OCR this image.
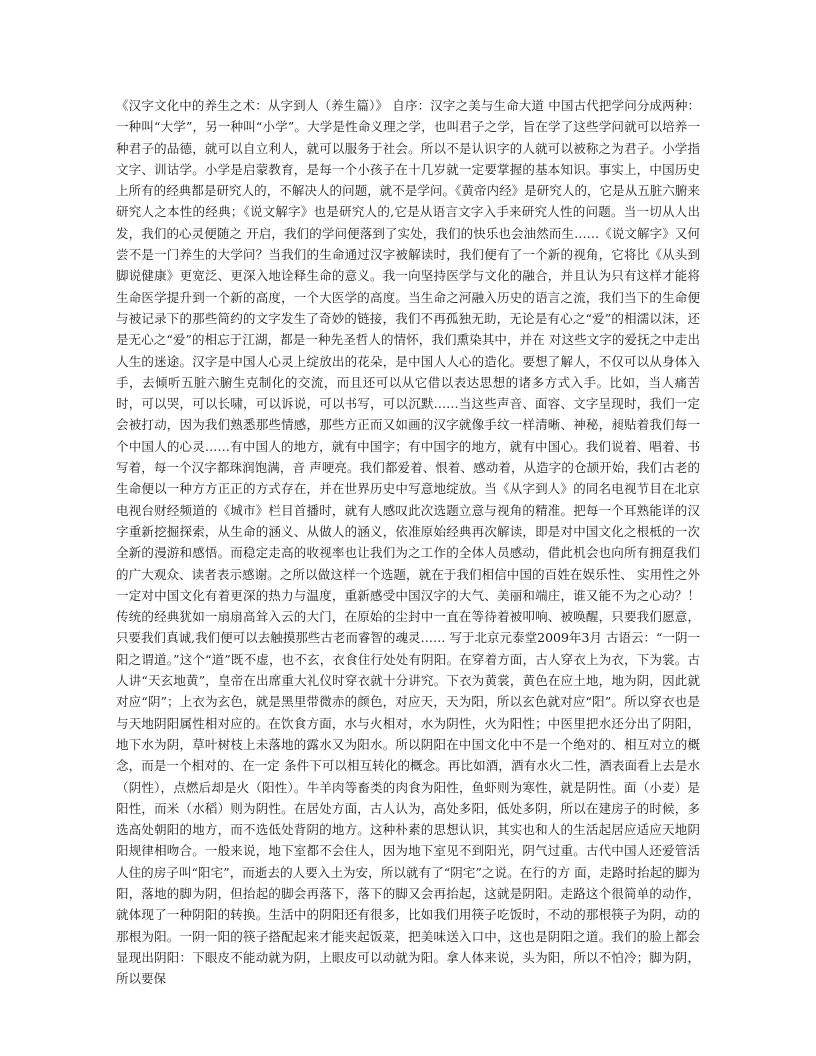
《汉字文化中的养生之术：从字到人（养生篇）》 自序：汉字之美与生命大道 中国古代把学问分成两种：一种叫“大学”，另一种叫“小学”。大学是性命义理之学，也叫君子之学，旨在学了这些学问就可以培养一种君子的品德，就可以自立利人，就可以服务于社会。所以不是认识字的人就可以被称之为君子。小学指文字、训诂学。小学是启蒙教育，是每一个小孩子在十几岁就一定要掌握的基本知识。事实上，中国历史上所有的经典都是研究人的，不解决人的问题，就不是学问。《黄帝内经》是研究人的，它是从五脏六腑来研究人之本性的经典；《说文解字》也是研究人的,它是从语言文字入手来研究人性的问题。当一切从人出发，我们的心灵便随之 开启，我们的学问便落到了实处，我们的快乐也会油然而生……《说文解字》又何尝不是一门养生的大学问？当我们的生命通过汉字被解读时，我们便有了一个新的视角，它将比《从头到脚说健康》更宽泛、更深入地诠释生命的意义。我一向坚持医学与文化的融合，并且认为只有这样才能将生命医学提升到一个新的高度，一个大医学的高度。当生命之河融入历史的语言之流，我们当下的生命便与被记录下的那些简约的文字发生了奇妙的链接，我们不再孤独无助，无论是有心之“爱”的相濡以沫，还是无心之“爱”的相忘于江湖，都是一种先圣哲人的情怀，我们熏染其中，并在 对这些文字的爱抚之中走出人生的迷途。汉字是中国人心灵上绽放出的花朵，是中国人人心的造化。要想了解人，不仅可以从身体入手，去倾听五脏六腑生克制化的交流，而且还可以从它借以表达思想的诸多方式入手。比如，当人痛苦时，可以哭，可以长啸，可以诉说，可以书写，可以沉默……当这些声音、面容、文字呈现时，我们一定会被打动，因为我们熟悉那些情感，那些方正而又如画的汉字就像手纹一样清晰、神秘，昶贴着我们每一个中国人的心灵……有中国人的地方，就有中国字；有中国字的地方，就有中国心。我们说着、唱着、书写着，每一个汉字都珠润饱满，音 声哽亮。我们都爱着、恨着、感动着，从造字的仓颉开始，我们古老的生命便以一种方方正正的方式存在，并在世界历史中写意地绽放。当《从字到人》的同名电视节目在北京电视台财经频道的《城市》栏目首播时，就有人感叹此次选题立意与视角的精准。把每一个耳熟能详的汉字重新挖掘探索，从生命的涵义、从做人的涵义，依准原始经典再次解读，即是对中国文化之根柢的一次全新的漫游和感悟。而稳定走高的收视率也让我们为之工作的全体人员感动，借此机会也向所有拥趸我们的广大观众、读者表示感谢。之所以做这样一个选题，就在于我们相信中国的百姓在娱乐性、 实用性之外一定对中国文化有着更深的热力与温度，重新感受中国汉字的大气、美丽和端庄，谁又能不为之心动？！传统的经典犹如一扇扇高耸入云的大门，在原始的尘封中一直在等待着被叩响、被唤醒，只要我们愿意，只要我们真诚,我们便可以去触摸那些古老而睿智的魂灵…… 写于北京元泰堂2009年3月 古语云：“一阴一阳之谓道。”这个“道”既不虚，也不玄，衣食住行处处有阴阳。在穿着方面，古人穿衣上为衣，下为裳。古人讲“天玄地黄”，皇帝在出席重大礼仪时穿衣就十分讲究。下衣为黄裳，黄色在应土地，地为阴，因此就对应“阴”；上衣为玄色，就是黑里带微赤的颜色，对应天，天为阳，所以玄色就对应“阳”。所以穿衣也是与天地阴阳属性相对应的。在饮食方面，水与火相对，水为阴性，火为阳性；中医里把水还分出了阴阳，地下水为阴，草叶树枝上未落地的露水又为阳水。所以阴阳在中国文化中不是一个绝对的、相互对立的概念，而是一个相对的、在一定 条件下可以相互转化的概念。再比如酒，酒有水火二性，酒表面看上去是水（阴性），点燃后却是火（阳性）。牛羊肉等畜类的肉食为阳性，鱼虾则为寒性，就是阴性。面（小麦）是阳性，而米（水稻）则为阴性。在居处方面，古人认为，高处多阳，低处多阴，所以在建房子的时候，多选高处朝阳的地方，而不选低处背阴的地方。这种朴素的思想认识，其实也和人的生活起居应适应天地阴阳规律相吻合。一般来说，地下室都不会住人，因为地下室见不到阳光，阴气过重。古代中国人还爱管活人住的房子叫“阳宅”，而逝去的人要入土为安，所以就有了“阴宅”之说。在行的方 面，走路时抬起的脚为阳，落地的脚为阴，但抬起的脚会再落下，落下的脚又会再抬起，这就是阴阳。走路这个很简单的动作，就体现了一种阴阳的转换。生活中的阴阳还有很多，比如我们用筷子吃饭时，不动的那根筷子为阴，动的那根为阳。一阴一阳的筷子搭配起来才能夹起饭菜，把美味送入口中，这也是阴阳之道。我们的脸上都会显现出阴阳：下眼皮不能动就为阴，上眼皮可以动就为阳。拿人体来说，头为阳，所以不怕冷；脚为阴，所以要保
